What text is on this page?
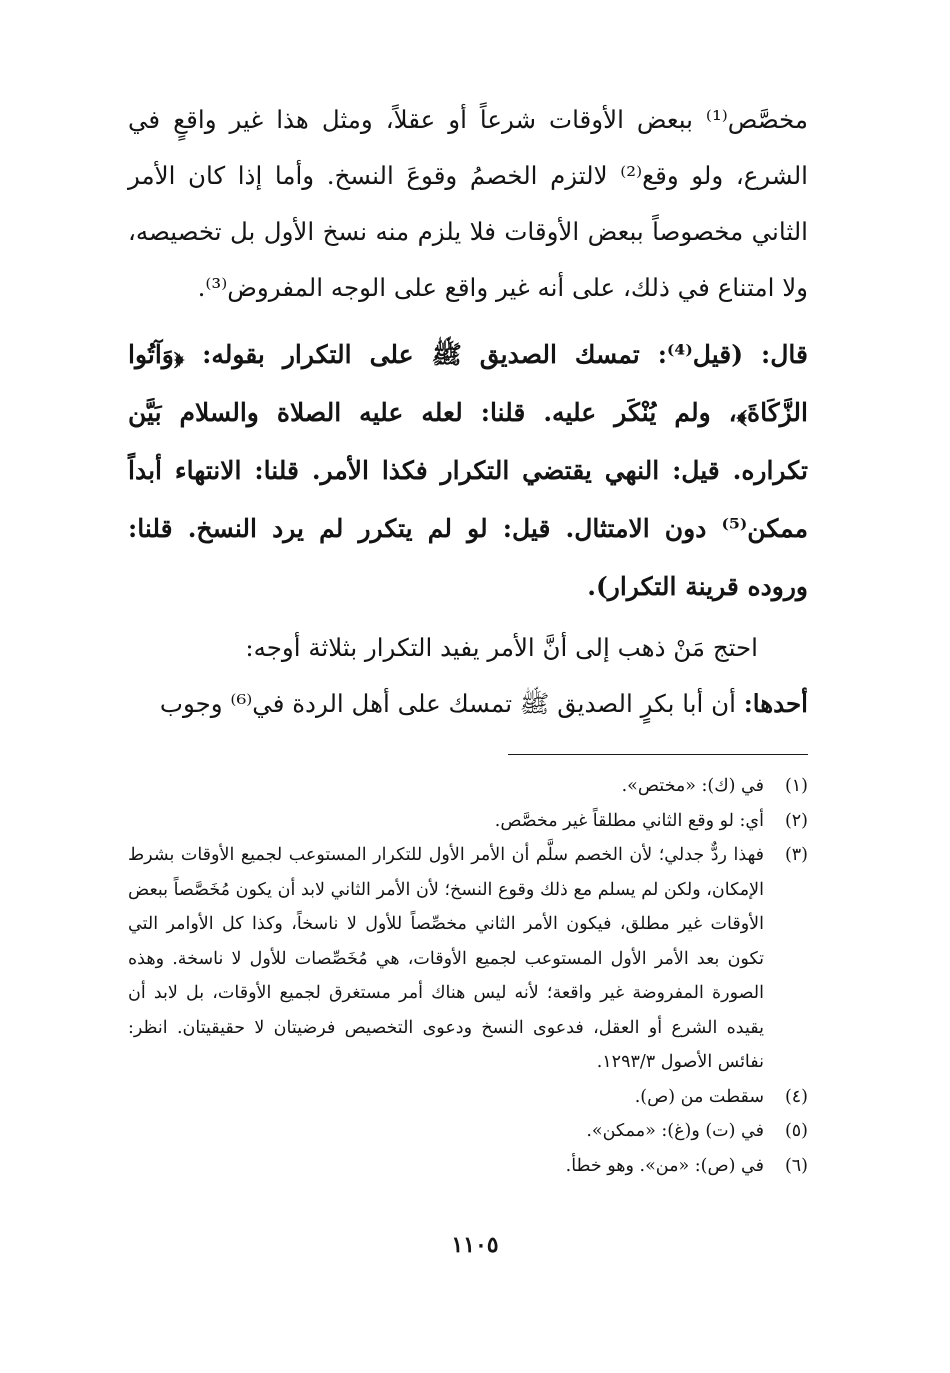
مخصَّص⁽¹⁾ ببعض الأوقات شرعاً أو عقلاً، ومثل هذا غير واقعٍ في الشرع، ولو وقع⁽²⁾ لالتزم الخصمُ وقوعَ النسخ. وأما إذا كان الأمر الثاني مخصوصاً ببعض الأوقات فلا يلزم منه نسخ الأول بل تخصيصه، ولا امتناع في ذلك، على أنه غير واقع على الوجه المفروض⁽³⁾.

قال: (قيل⁽⁴⁾: تمسك الصديق ﷺ على التكرار بقوله: ﴿وَآتُوا الزَّكَاةَ﴾، ولم يُنْكَر عليه. قلنا: لعله عليه الصلاة والسلام بَيَّن تكراره. قيل: النهي يقتضي التكرار فكذا الأمر. قلنا: الانتهاء أبداً ممكن⁽⁵⁾ دون الامتثال. قيل: لو لم يتكرر لم يرد النسخ. قلنا: وروده قرينة التكرار).

احتج مَنْ ذهب إلى أنَّ الأمر يفيد التكرار بثلاثة أوجه:

أحدها: أن أبا بكرٍ الصديق ﷺ تمسك على أهل الردة في⁽⁶⁾ وجوب

(١)
في (ك): «مختص».
(٢)
أي: لو وقع الثاني مطلقاً غير مخصَّص.
(٣)
فهذا ردٌّ جدلي؛ لأن الخصم سلَّم أن الأمر الأول للتكرار المستوعب لجميع الأوقات بشرط الإمكان، ولكن لم يسلم مع ذلك وقوع النسخ؛ لأن الأمر الثاني لابد أن يكون مُخَصَّصاً ببعض الأوقات غير مطلق، فيكون الأمر الثاني مخصِّصاً للأول لا ناسخاً، وكذا كل الأوامر التي تكون بعد الأمر الأول المستوعب لجميع الأوقات، هي مُخَصِّصات للأول لا ناسخة. وهذه الصورة المفروضة غير واقعة؛ لأنه ليس هناك أمر مستغرق لجميع الأوقات، بل لابد أن يقيده الشرع أو العقل، فدعوى النسخ ودعوى التخصيص فرضيتان لا حقيقيتان. انظر: نفائس الأصول ١٢٩٣/٣.
(٤)
سقطت من (ص).
(٥)
في (ت) و(غ): «ممكن».
(٦)
في (ص): «من». وهو خطأ.
١١٠٥
